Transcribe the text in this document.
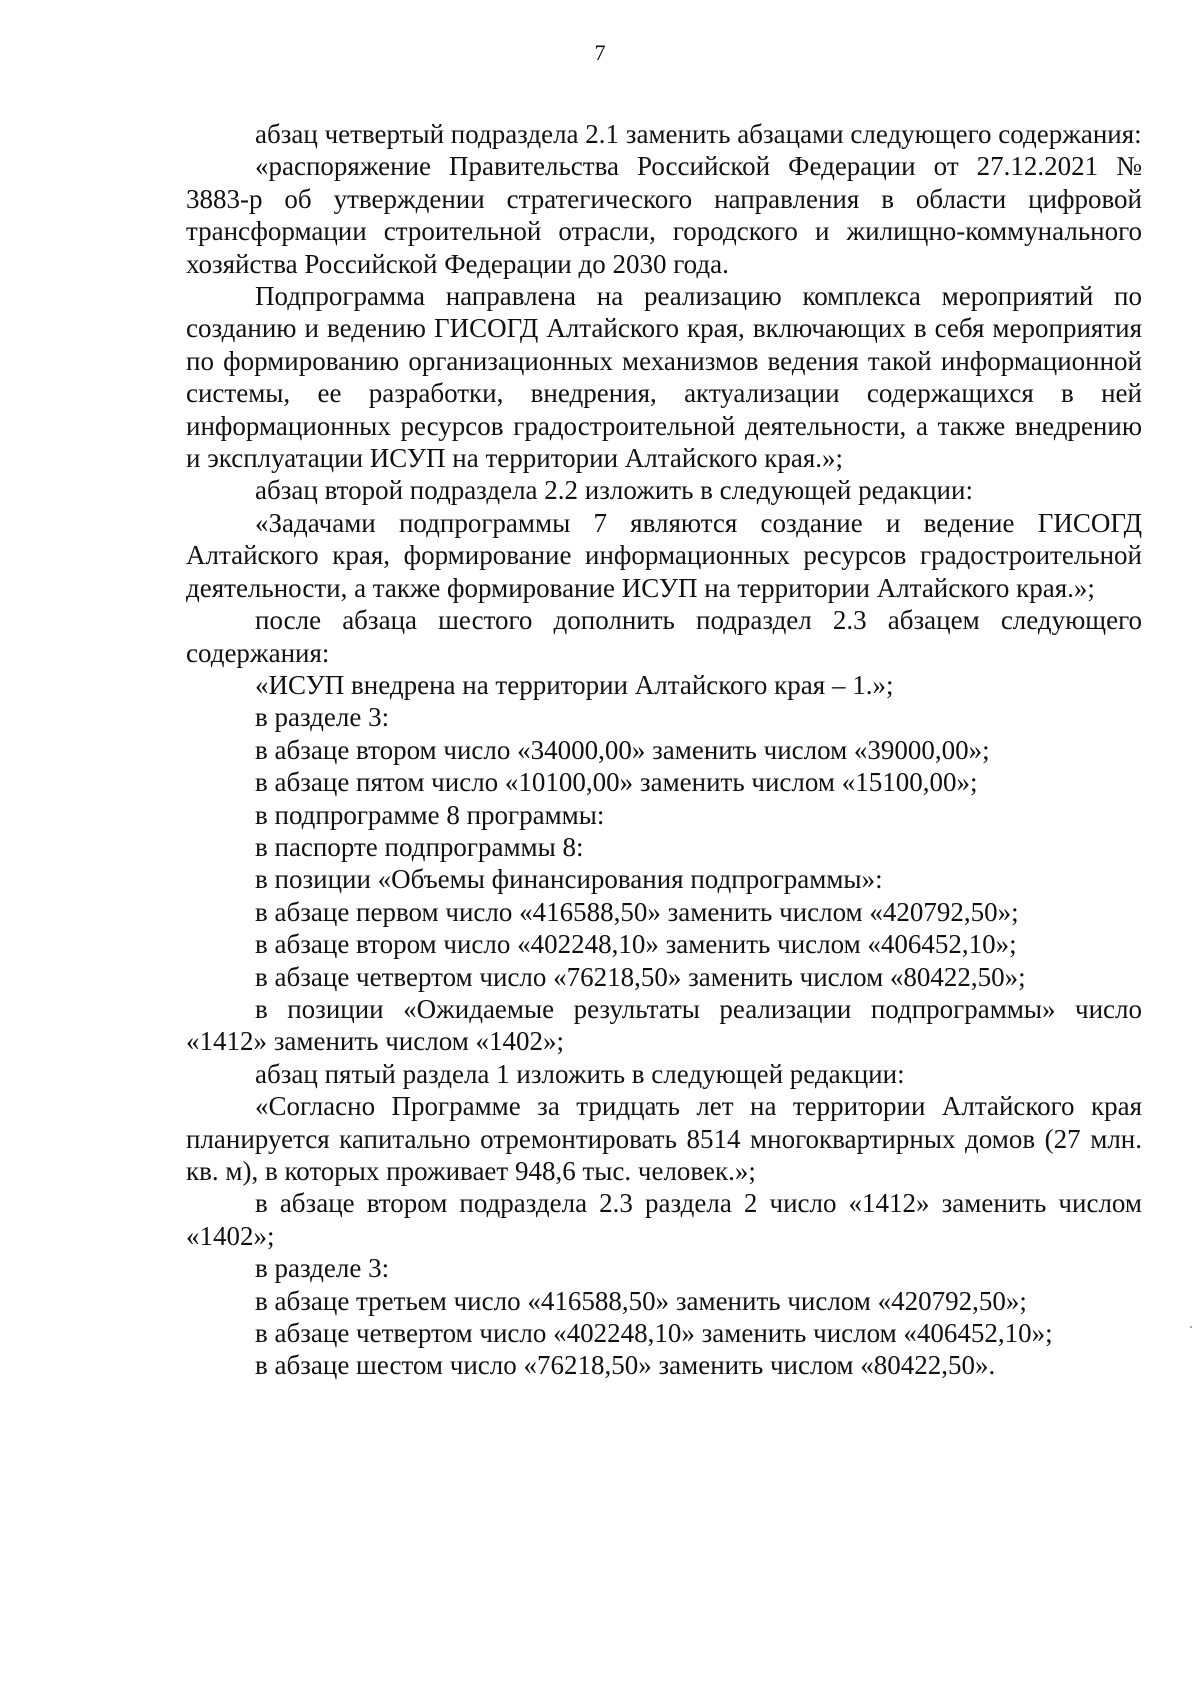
7

абзац четвертый подраздела 2.1 заменить абзацами следующего содержания:

«распоряжение Правительства Российской Федерации от 27.12.2021 № 3883-р об утверждении стратегического направления в области цифровой трансформации строительной отрасли, городского и жилищно-коммунального хозяйства Российской Федерации до 2030 года.

Подпрограмма направлена на реализацию комплекса мероприятий по созданию и ведению ГИСОГД Алтайского края, включающих в себя мероприятия по формированию организационных механизмов ведения такой информационной системы, ее разработки, внедрения, актуализации содержащихся в ней информационных ресурсов градостроительной деятельности, а также внедрению и эксплуатации ИСУП на территории Алтайского края.»;

абзац второй подраздела 2.2 изложить в следующей редакции:

«Задачами подпрограммы 7 являются создание и ведение ГИСОГД Алтайского края, формирование информационных ресурсов градостроительной деятельности, а также формирование ИСУП на территории Алтайского края.»;

после абзаца шестого дополнить подраздел 2.3 абзацем следующего содержания:

«ИСУП внедрена на территории Алтайского края – 1.»;

в разделе 3:

в абзаце втором число «34000,00» заменить числом «39000,00»;

в абзаце пятом число «10100,00» заменить числом «15100,00»;

в подпрограмме 8 программы:

в паспорте подпрограммы 8:

в позиции «Объемы финансирования подпрограммы»:

в абзаце первом число «416588,50» заменить числом «420792,50»;

в абзаце втором число «402248,10» заменить числом «406452,10»;

в абзаце четвертом число «76218,50» заменить числом «80422,50»;

в позиции «Ожидаемые результаты реализации подпрограммы» число «1412» заменить числом «1402»;

абзац пятый раздела 1 изложить в следующей редакции:

«Согласно Программе за тридцать лет на территории Алтайского края планируется капитально отремонтировать 8514 многоквартирных домов (27 млн. кв. м), в которых проживает 948,6 тыс. человек.»;

в абзаце втором подраздела 2.3 раздела 2 число «1412» заменить числом «1402»;

в разделе 3:

в абзаце третьем число «416588,50» заменить числом «420792,50»;

в абзаце четвертом число «402248,10» заменить числом «406452,10»;

в абзаце шестом число «76218,50» заменить числом «80422,50».
